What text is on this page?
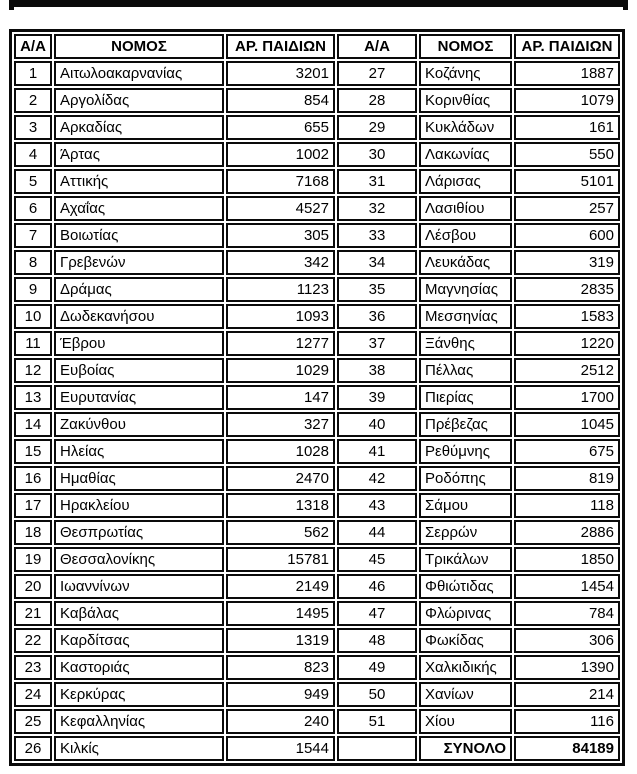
Α/Α	ΝΟΜΟΣ	ΑΡ. ΠΑΙΔΙΩΝ	Α/Α	ΝΟΜΟΣ	ΑΡ. ΠΑΙΔΙΩΝ
1	Αιτωλοακαρνανίας	3201	27	Κοζάνης	1887
2	Αργολίδας	854	28	Κορινθίας	1079
3	Αρκαδίας	655	29	Κυκλάδων	161
4	Άρτας	1002	30	Λακωνίας	550
5	Αττικής	7168	31	Λάρισας	5101
6	Αχαΐας	4527	32	Λασιθίου	257
7	Βοιωτίας	305	33	Λέσβου	600
8	Γρεβενών	342	34	Λευκάδας	319
9	Δράμας	1123	35	Μαγνησίας	2835
10	Δωδεκανήσου	1093	36	Μεσσηνίας	1583
11	Έβρου	1277	37	Ξάνθης	1220
12	Ευβοίας	1029	38	Πέλλας	2512
13	Ευρυτανίας	147	39	Πιερίας	1700
14	Ζακύνθου	327	40	Πρέβεζας	1045
15	Ηλείας	1028	41	Ρεθύμνης	675
16	Ημαθίας	2470	42	Ροδόπης	819
17	Ηρακλείου	1318	43	Σάμου	118
18	Θεσπρωτίας	562	44	Σερρών	2886
19	Θεσσαλονίκης	15781	45	Τρικάλων	1850
20	Ιωαννίνων	2149	46	Φθιώτιδας	1454
21	Καβάλας	1495	47	Φλώρινας	784
22	Καρδίτσας	1319	48	Φωκίδας	306
23	Καστοριάς	823	49	Χαλκιδικής	1390
24	Κερκύρας	949	50	Χανίων	214
25	Κεφαλληνίας	240	51	Χίου	116
26	Κιλκίς	1544		ΣΥΝΟΛΟ	84189
